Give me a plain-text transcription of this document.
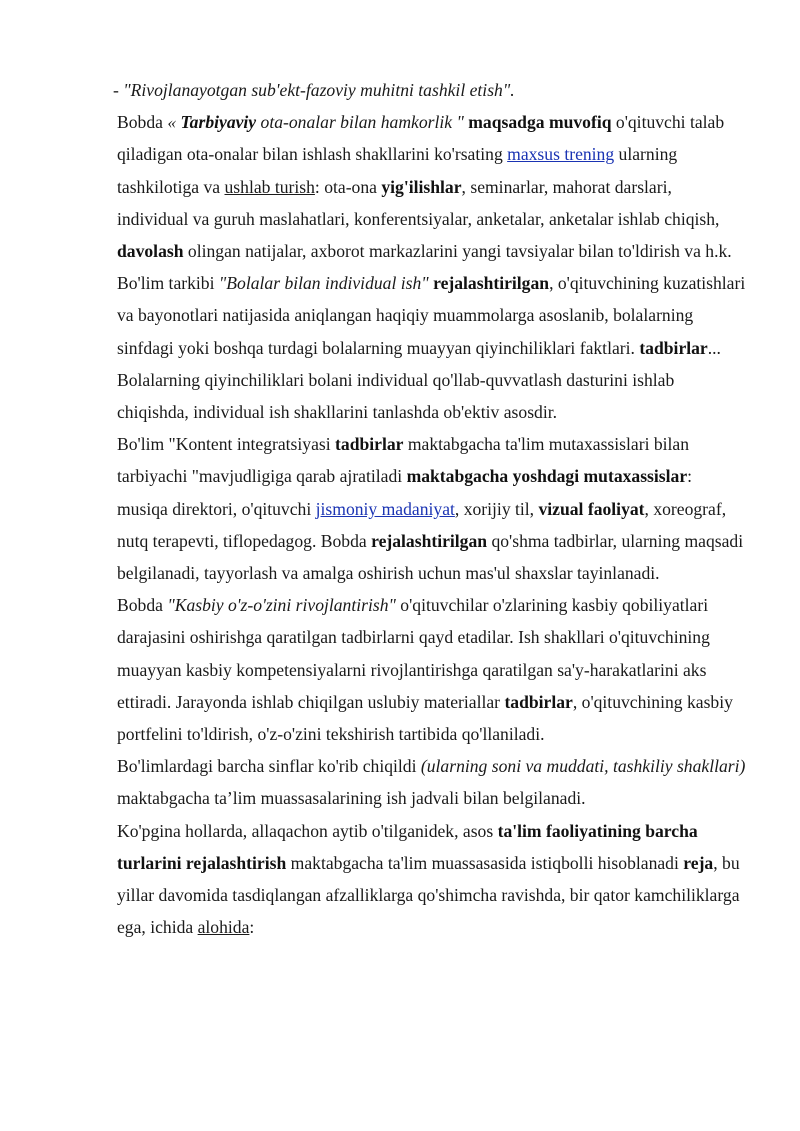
- "Rivojlanayotgan sub'ekt-fazoviy muhitni tashkil etish".

Bobda « Tarbiyaviy ota-onalar bilan hamkorlik " maqsadga muvofiq o'qituvchi talab qiladigan ota-onalar bilan ishlash shakllarini ko'rsating maxsus trening ularning tashkilotiga va ushlab turish: ota-ona yig'ilishlar, seminarlar, mahorat darslari, individual va guruh maslahatlari, konferentsiyalar, anketalar, anketalar ishlab chiqish, davolash olingan natijalar, axborot markazlarini yangi tavsiyalar bilan to'ldirish va h.k.

Bo'lim tarkibi "Bolalar bilan individual ish" rejalashtirilgan, o'qituvchining kuzatishlari va bayonotlari natijasida aniqlangan haqiqiy muammolarga asoslanib, bolalarning sinfdagi yoki boshqa turdagi bolalarning muayyan qiyinchiliklari faktlari. tadbirlar... Bolalarning qiyinchiliklari bolani individual qo'llab-quvvatlash dasturini ishlab chiqishda, individual ish shakllarini tanlashda ob'ektiv asosdir.

Bo'lim "Kontent integratsiyasi tadbirlar maktabgacha ta'lim mutaxassislari bilan tarbiyachi "mavjudligiga qarab ajratiladi maktabgacha yoshdagi mutaxassislar: musiqa direktori, o'qituvchi jismoniy madaniyat, xorijiy til, vizual faoliyat, xoreograf, nutq terapevti, tiflopedagog. Bobda rejalashtirilgan qo'shma tadbirlar, ularning maqsadi belgilanadi, tayyorlash va amalga oshirish uchun mas'ul shaxslar tayinlanadi.

Bobda "Kasbiy o'z-o'zini rivojlantirish" o'qituvchilar o'zlarining kasbiy qobiliyatlari darajasini oshirishga qaratilgan tadbirlarni qayd etadilar. Ish shakllari o'qituvchining muayyan kasbiy kompetensiyalarni rivojlantirishga qaratilgan sa'y-harakatlarini aks ettiradi. Jarayonda ishlab chiqilgan uslubiy materiallar tadbirlar, o'qituvchining kasbiy portfelini to'ldirish, o'z-o'zini tekshirish tartibida qo'llaniladi.

Bo'limlardagi barcha sinflar ko'rib chiqildi (ularning soni va muddati, tashkiliy shakllari) maktabgacha ta’lim muassasalarining ish jadvali bilan belgilanadi.

Ko'pgina hollarda, allaqachon aytib o'tilganidek, asos ta'lim faoliyatining barcha turlarini rejalashtirish maktabgacha ta'lim muassasasida istiqbolli hisoblanadi reja, bu yillar davomida tasdiqlangan afzalliklarga qo'shimcha ravishda, bir qator kamchiliklarga ega, ichida alohida:
